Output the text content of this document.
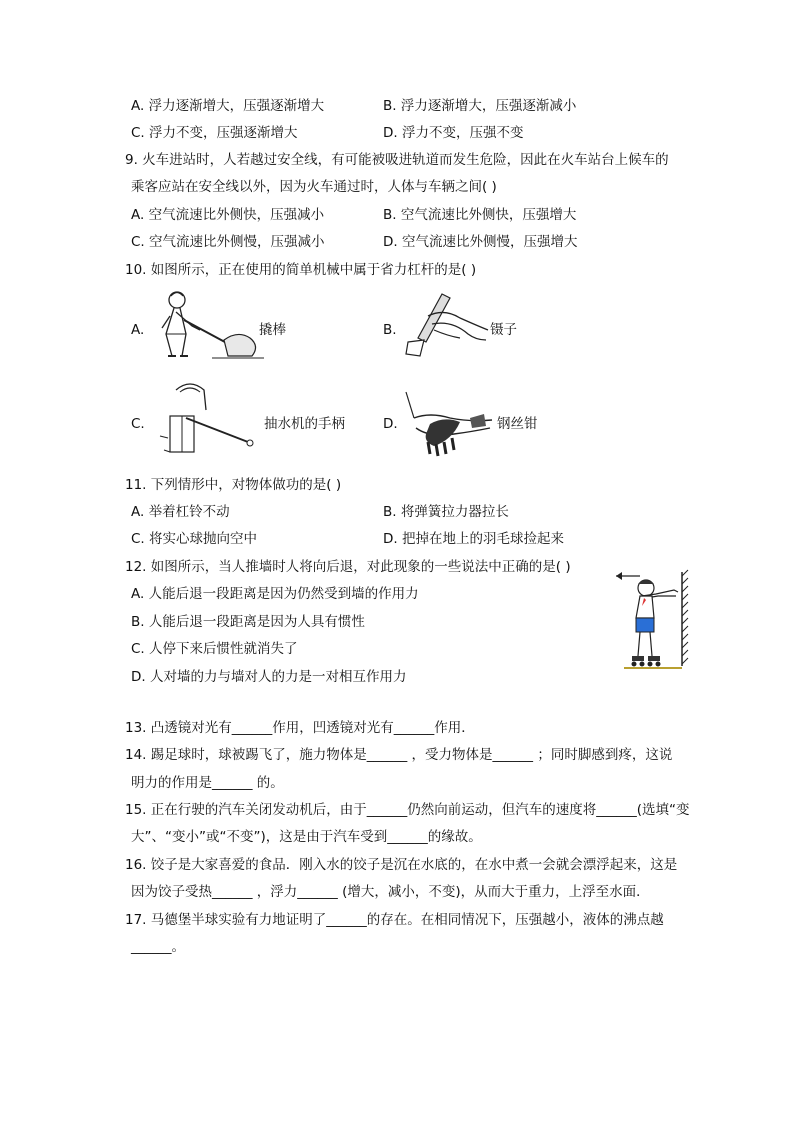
A. 浮力逐渐增大，压强逐渐增大	B. 浮力逐渐增大，压强逐渐减小
C. 浮力不变，压强逐渐增大	D. 浮力不变，压强不变
9. 火车进站时，人若越过安全线，有可能被吸进轨道而发生危险，因此在火车站台上候车的
乘客应站在安全线以外，因为火车通过时，人体与车辆之间( )
A. 空气流速比外侧快，压强减小	B. 空气流速比外侧快，压强增大
C. 空气流速比外侧慢，压强减小	D. 空气流速比外侧慢，压强增大
10. 如图所示，正在使用的简单机械中属于省力杠杆的是( )
A.	撬棒	B.	镊子
C.	抽水机的手柄	D.	钢丝钳
11. 下列情形中，对物体做功的是( )
A. 举着杠铃不动	B. 将弹簧拉力器拉长
C. 将实心球抛向空中	D. 把掉在地上的羽毛球捡起来
12. 如图所示，当人推墙时人将向后退，对此现象的一些说法中正确的是( )
A. 人能后退一段距离是因为仍然受到墙的作用力
B. 人能后退一段距离是因为人具有惯性
C. 人停下来后惯性就消失了
D. 人对墙的力与墙对人的力是一对相互作用力
13. 凸透镜对光有______作用，凹透镜对光有______作用．
14. 踢足球时，球被踢飞了，施力物体是______ ，受力物体是______ ；同时脚感到疼，这说
明力的作用是______ 的。
15. 正在行驶的汽车关闭发动机后，由于______仍然向前运动，但汽车的速度将______(选填“变
大”、“变小”或“不变”)，这是由于汽车受到______的缘故。
16. 饺子是大家喜爱的食品．刚入水的饺子是沉在水底的，在水中煮一会就会漂浮起来，这是
因为饺子受热______ ，浮力______ (增大，减小，不变)，从而大于重力，上浮至水面．
17. 马德堡半球实验有力地证明了______的存在。在相同情况下，压强越小，液体的沸点越
______。
